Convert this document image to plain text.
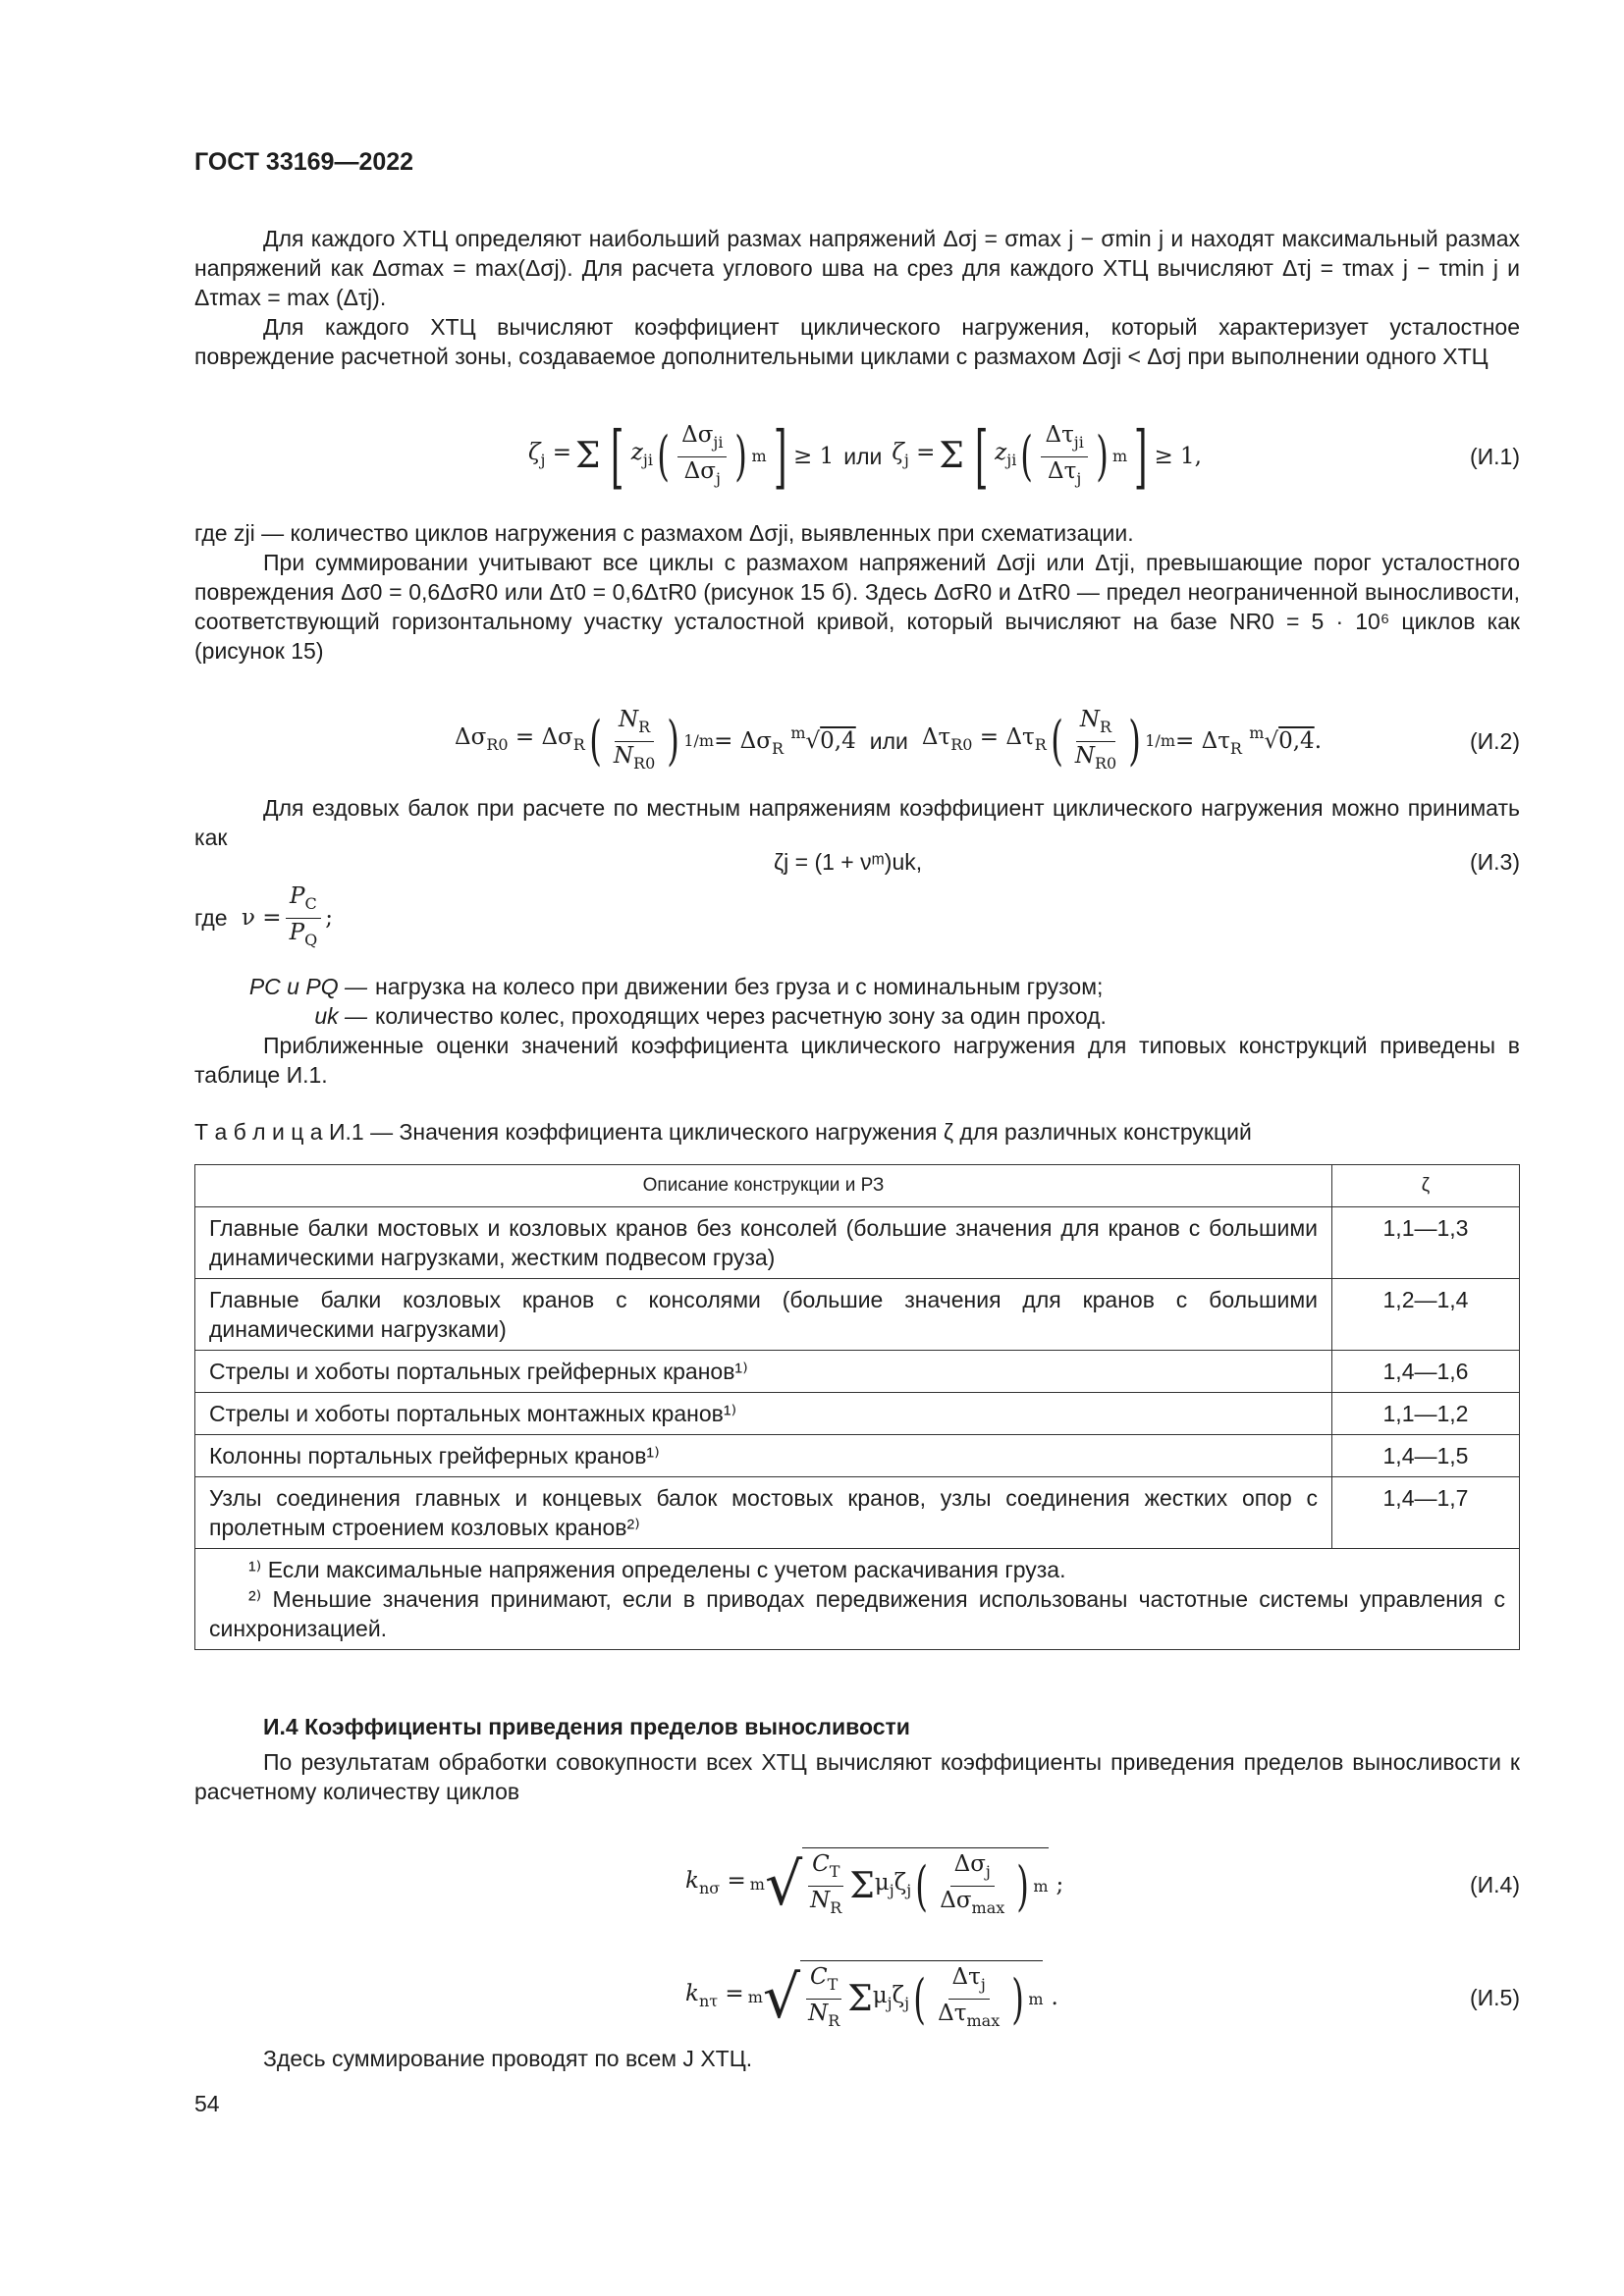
ГОСТ 33169—2022

Для каждого ХТЦ определяют наибольший размах напряжений Δσj = σmax j − σmin j и находят максимальный размах напряжений как Δσmax = max(Δσj). Для расчета углового шва на срез для каждого ХТЦ вычисляют Δτj = τmax j − τmin j и Δτmax = max (Δτj).

Для каждого ХТЦ вычисляют коэффициент циклического нагружения, который характеризует усталостное повреждение расчетной зоны, создаваемое дополнительными циклами с размахом Δσji < Δσj при выполнении одного ХТЦ

$\zeta_j = \Sigma$ [ $z_{ji}$ ( $\frac{\Delta\sigma_{ji}}{\Delta\sigma_j}$ ) m ] ≥ 1 или $\zeta_j = \Sigma$ [ $z_{ji}$ ( $\frac{\Delta\tau_{ji}}{\Delta\tau_j}$ ) m ] ≥ 1,	(И.1)

где zji — количество циклов нагружения с размахом Δσji, выявленных при схематизации.

При суммировании учитывают все циклы с размахом напряжений Δσji или Δτji, превышающие порог усталостного повреждения Δσ0 = 0,6ΔσR0 или Δτ0 = 0,6ΔτR0 (рисунок 15 б). Здесь ΔσR0 и ΔτR0 — предел неограниченной выносливости, соответствующий горизонтальному участку усталостной кривой, который вычисляют на базе NR0 = 5 · 10⁶ циклов как (рисунок 15)

$\Delta\sigma_{R0} = \Delta\sigma_R$ ( $\frac{N_R}{N_{R0}}$ ) $1/m = \Delta\sigma_R$ $^m$√0,4 или $\Delta\tau_{R0} = \Delta\tau_R$ ( $\frac{N_R}{N_{R0}}$ ) $1/m = \Delta\tau_R$ $^m$√0,4.	(И.2)

Для ездовых балок при расчете по местным напряжениям коэффициент циклического нагружения можно принимать как

ζj = (1 + νᵐ)uk,	(И.3)
где $\nu = \frac{P_C}{P_Q}$ ;
PC и PQ — нагрузка на колесо при движении без груза и с номинальным грузом;
uk — количество колес, проходящих через расчетную зону за один проход.

Приближенные оценки значений коэффициента циклического нагружения для типовых конструкций приведены в таблице И.1.

Т а б л и ц а И.1 — Значения коэффициента циклического нагружения ζ для различных конструкций
Описание конструкции и РЗ	ζ
Главные балки мостовых и козловых кранов без консолей (большие значения для кранов с большими динамическими нагрузками, жестким подвесом груза)	1,1—1,3
Главные балки козловых кранов с консолями (большие значения для кранов с большими динамическими нагрузками)	1,2—1,4
Стрелы и хоботы портальных грейферных кранов¹⁾	1,4—1,6
Стрелы и хоботы портальных монтажных кранов¹⁾	1,1—1,2
Колонны портальных грейферных кранов¹⁾	1,4—1,5
Узлы соединения главных и концевых балок мостовых кранов, узлы соединения жестких опор с пролетным строением козловых кранов²⁾	1,4—1,7

¹⁾ Если максимальные напряжения определены с учетом раскачивания груза.
²⁾ Меньшие значения принимают, если в приводах передвижения использованы частотные системы управления с синхронизацией.	

И.4 Коэффициенты приведения пределов выносливости

По результатам обработки совокупности всех ХТЦ вычисляют коэффициенты приведения пределов выносливости к расчетному количеству циклов

$k_{n\sigma} = m$ √ $\frac{C_T}{N_R}$ Σ $\mu_j\zeta_j$ ( $\frac{\Delta\sigma_j}{\Delta\sigma_{max}}$ ) m ;	(И.4)
$k_{n\tau} = m$ √ $\frac{C_T}{N_R}$ Σ $\mu_j\zeta_j$ ( $\frac{\Delta\tau_j}{\Delta\tau_{max}}$ ) m .	(И.5)

Здесь суммирование проводят по всем J ХТЦ.

54
